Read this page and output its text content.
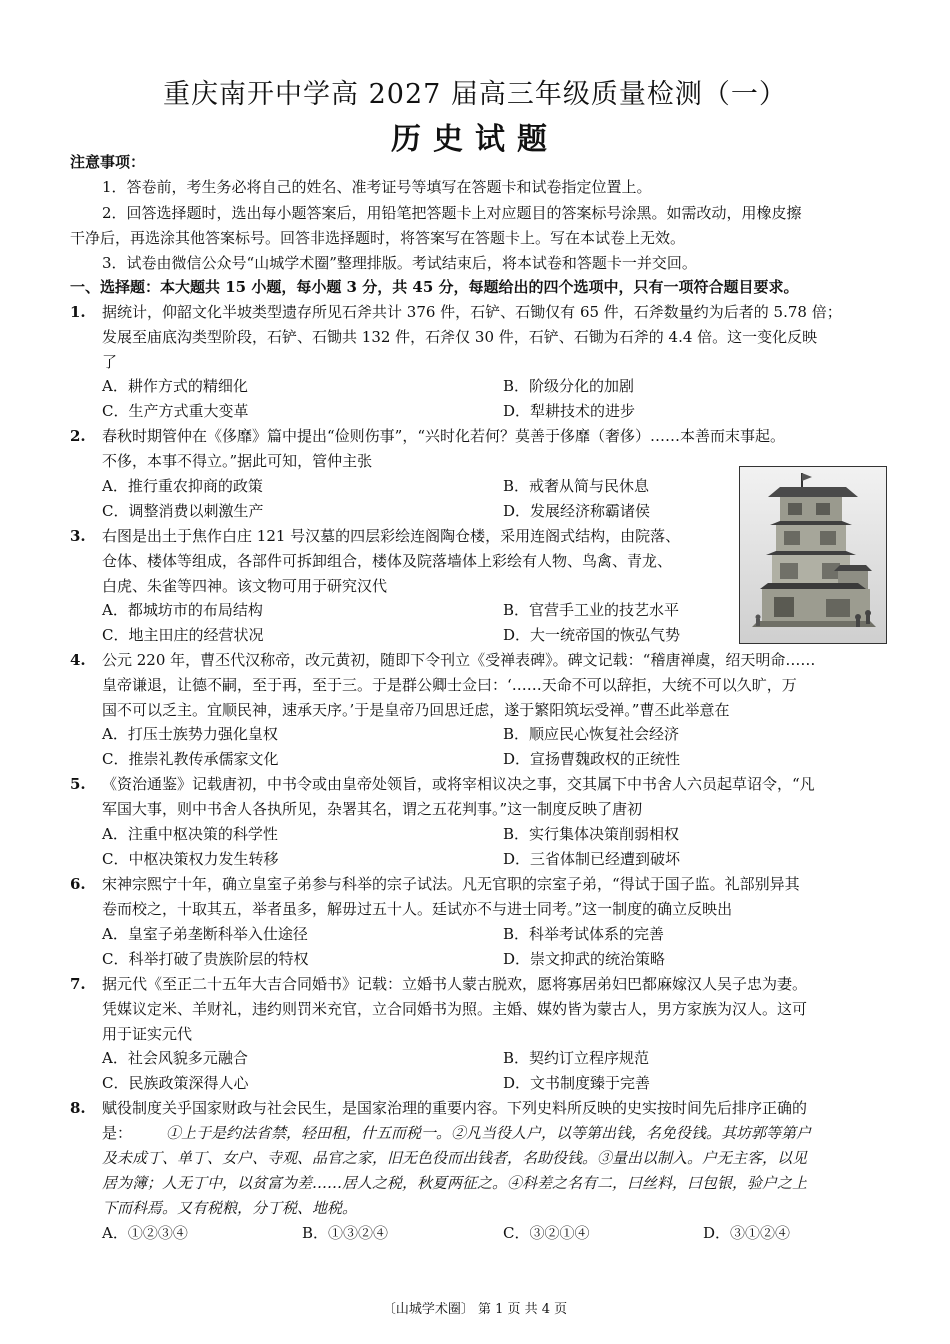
重庆南开中学高 2027 届高三年级质量检测（一）
历史试题
注意事项：
1．答卷前，考生务必将自己的姓名、准考证号等填写在答题卡和试卷指定位置上。
2．回答选择题时，选出每小题答案后，用铅笔把答题卡上对应题目的答案标号涂黑。如需改动，用橡皮擦
干净后，再选涂其他答案标号。回答非选择题时，将答案写在答题卡上。写在本试卷上无效。
3．试卷由微信公众号“山城学术圈”整理排版。考试结束后，将本试卷和答题卡一并交回。
一、选择题：本大题共 15 小题，每小题 3 分，共 45 分，每题给出的四个选项中，只有一项符合题目要求。
1. 据统计，仰韶文化半坡类型遗存所见石斧共计 376 件，石铲、石锄仅有 65 件，石斧数量约为后者的 5.78 倍；
发展至庙底沟类型阶段，石铲、石锄共 132 件，石斧仅 30 件，石铲、石锄为石斧的 4.4 倍。这一变化反映
了
A．耕作方式的精细化	B．阶级分化的加剧
C．生产方式重大变革	D．犁耕技术的进步
2. 春秋时期管仲在《侈靡》篇中提出“俭则伤事”，“兴时化若何？莫善于侈靡（奢侈）……本善而末事起。
不侈，本事不得立。”据此可知，管仲主张
A．推行重农抑商的政策	B．戒奢从简与民休息
C．调整消费以刺激生产	D．发展经济称霸诸侯
3. 右图是出土于焦作白庄 121 号汉墓的四层彩绘连阁陶仓楼，采用连阁式结构，由院落、
仓体、楼体等组成，各部件可拆卸组合，楼体及院落墙体上彩绘有人物、鸟禽、青龙、
白虎、朱雀等四神。该文物可用于研究汉代
A．都城坊市的布局结构	B．官营手工业的技艺水平
C．地主田庄的经营状况	D．大一统帝国的恢弘气势
4. 公元 220 年，曹丕代汉称帝，改元黄初，随即下令刊立《受禅表碑》。碑文记载：“稽唐禅虞，绍天明命……
皇帝谦退，让德不嗣，至于再，至于三。于是群公卿士佥曰：‘……天命不可以辞拒，大统不可以久旷，万
国不可以乏主。宜顺民神，速承天序。’于是皇帝乃回思迁虑，遂于繁阳筑坛受禅。”曹丕此举意在
A．打压士族势力强化皇权	B．顺应民心恢复社会经济
C．推崇礼教传承儒家文化	D．宣扬曹魏政权的正统性
5. 《资治通鉴》记载唐初，中书令或由皇帝处领旨，或将宰相议决之事，交其属下中书舍人六员起草诏令，“凡
军国大事，则中书舍人各执所见，杂署其名，谓之五花判事。”这一制度反映了唐初
A．注重中枢决策的科学性	B．实行集体决策削弱相权
C．中枢决策权力发生转移	D．三省体制已经遭到破坏
6. 宋神宗熙宁十年，确立皇室子弟参与科举的宗子试法。凡无官职的宗室子弟，“得试于国子监。礼部别异其
卷而校之，十取其五，举者虽多，解毋过五十人。廷试亦不与进士同考。”这一制度的确立反映出
A．皇室子弟垄断科举入仕途径	B．科举考试体系的完善
C．科举打破了贵族阶层的特权	D．崇文抑武的统治策略
7. 据元代《至正二十五年大吉合同婚书》记载：立婚书人蒙古脱欢，愿将寡居弟妇巴都麻嫁汉人吴子忠为妻。
凭媒议定米、羊财礼，违约则罚米充官，立合同婚书为照。主婚、媒妁皆为蒙古人，男方家族为汉人。这可
用于证实元代
A．社会风貌多元融合	B．契约订立程序规范
C．民族政策深得人心	D．文书制度臻于完善
8. 赋役制度关乎国家财政与社会民生，是国家治理的重要内容。下列史料所反映的史实按时间先后排序正确的
是： ①上于是约法省禁，轻田租，什五而税一。②凡当役人户，以等第出钱，名免役钱。其坊郭等第户
及未成丁、单丁、女户、寺观、品官之家，旧无色役而出钱者，名助役钱。③量出以制入。户无主客，以见
居为簿；人无丁中，以贫富为差……居人之税，秋夏两征之。④科差之名有二，曰丝料，曰包银，验户之上
下而科焉。又有税粮，分丁税、地税。
A．①②③④	B．①③②④	C．③②①④	D．③①②④
〔山城学术圈〕 第 1 页 共 4 页
